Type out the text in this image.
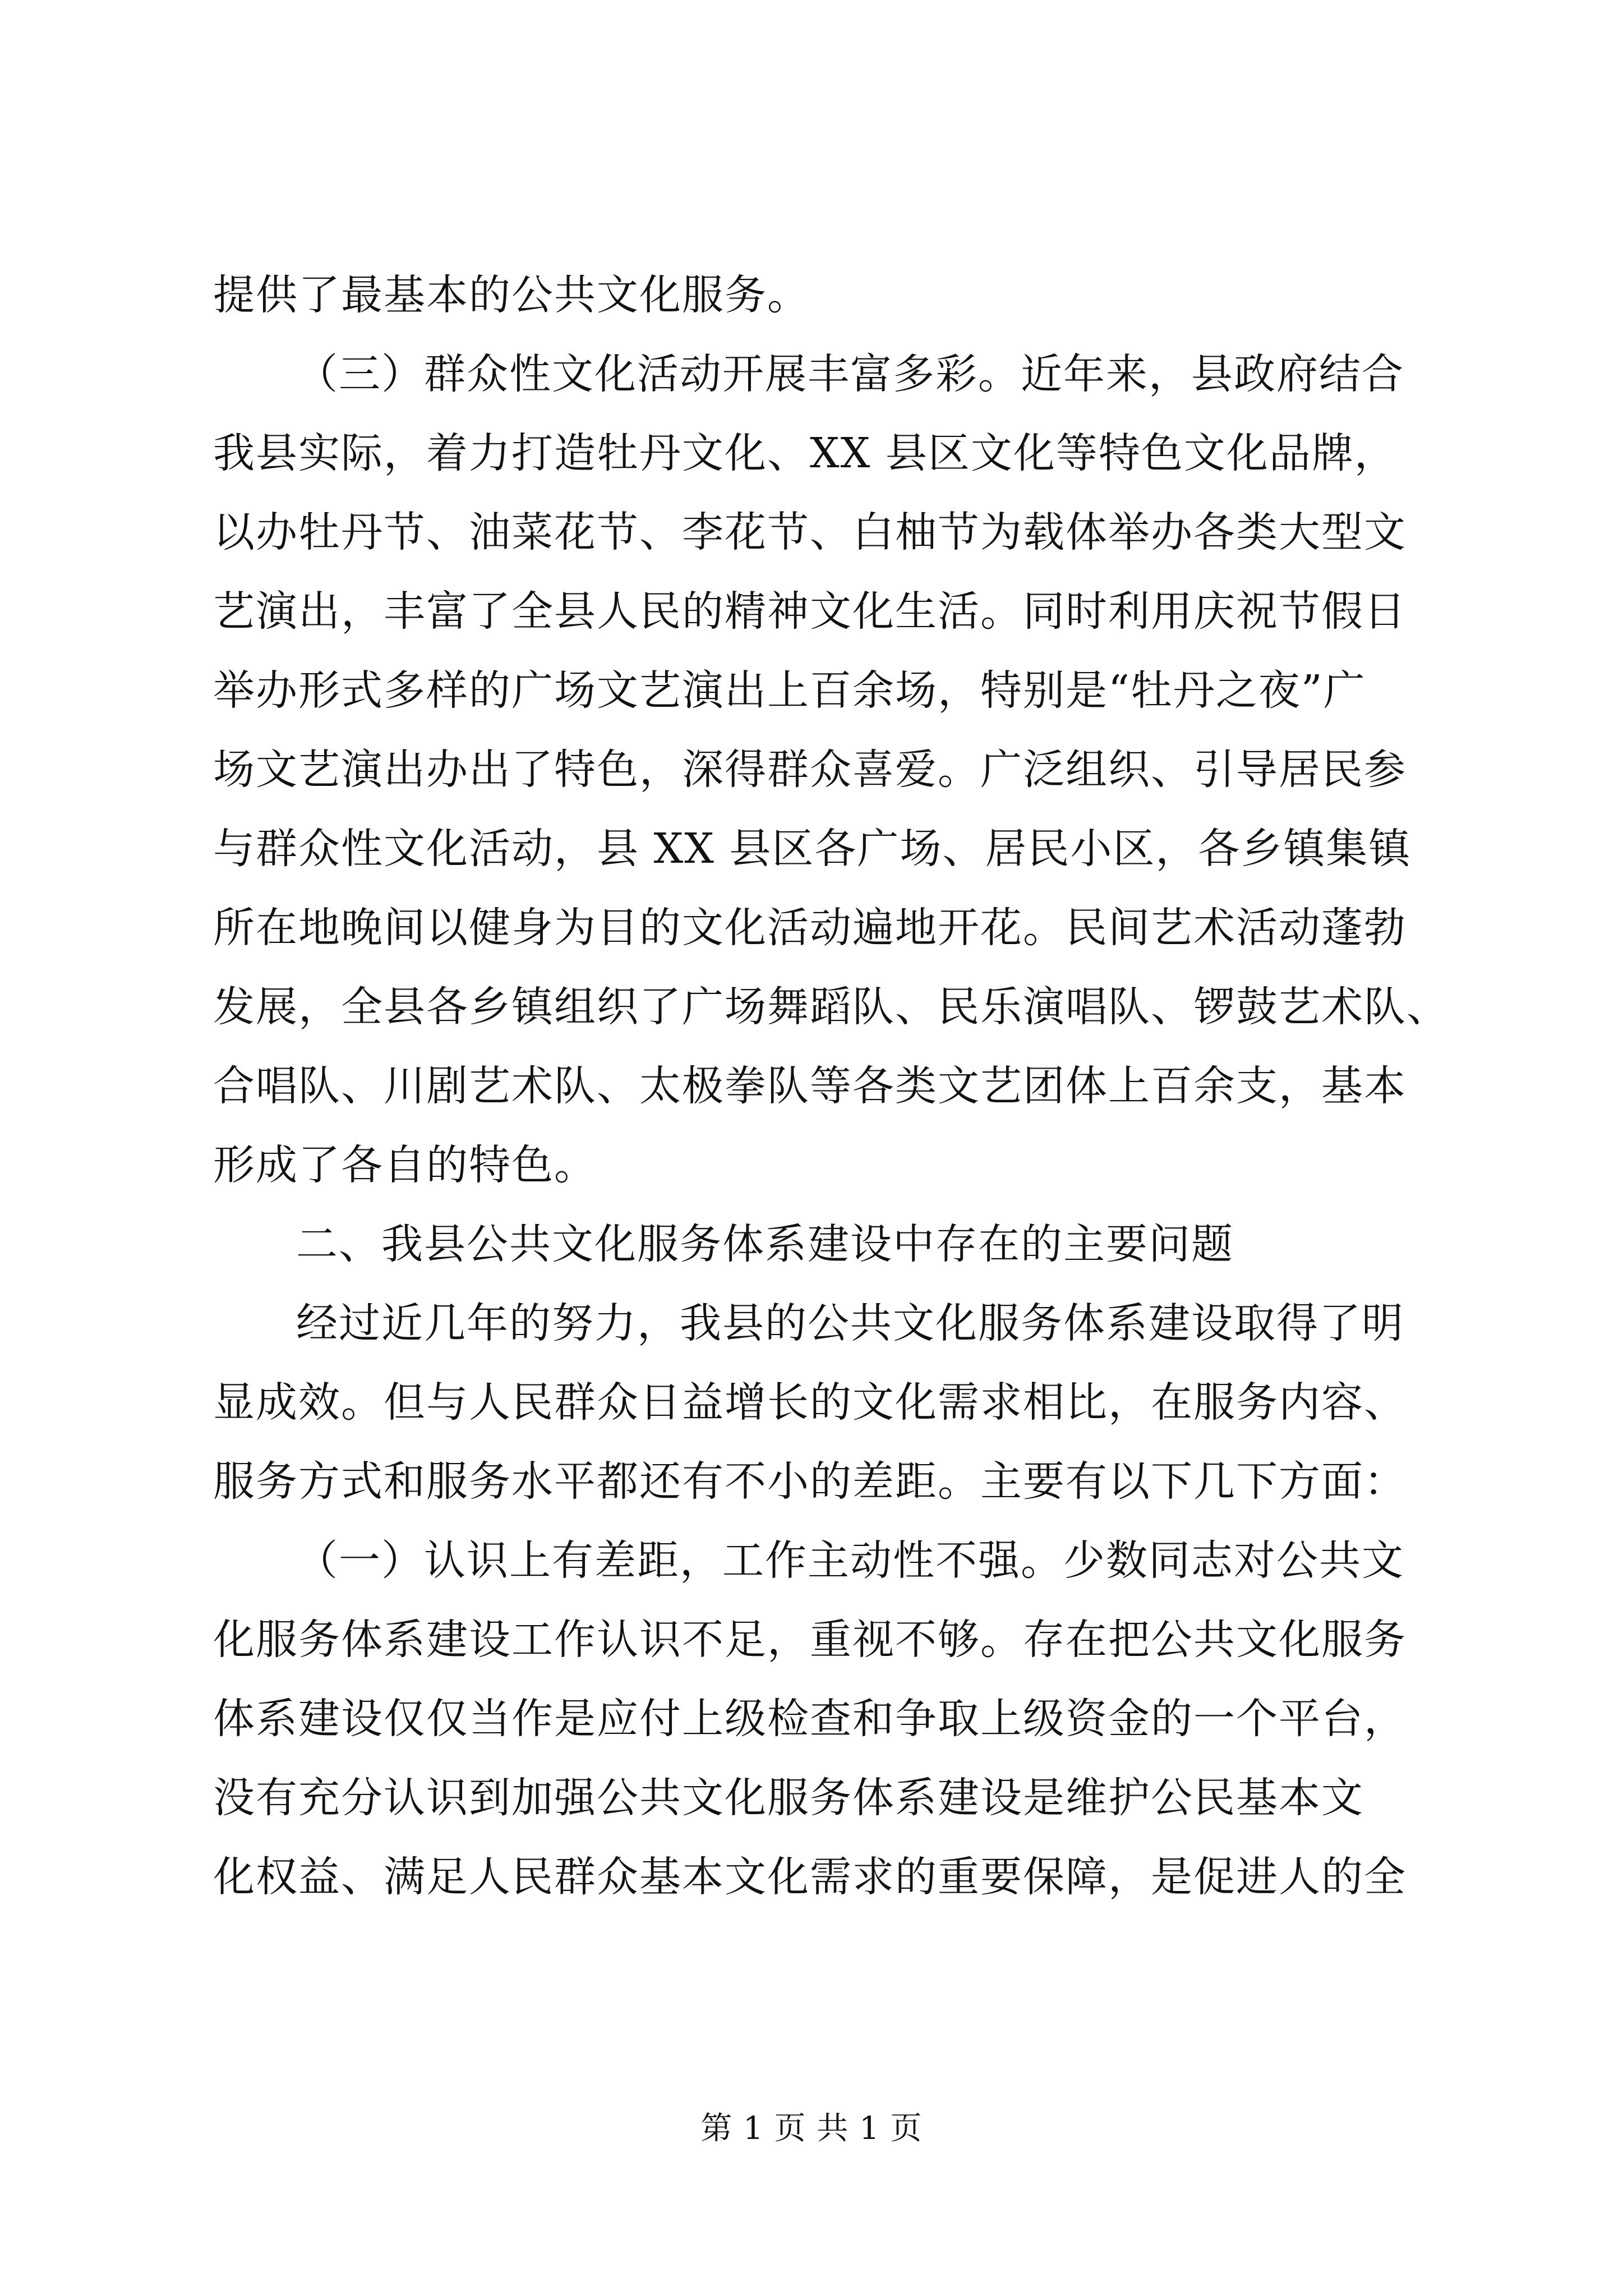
提供了最基本的公共文化服务。
（三）群众性文化活动开展丰富多彩。近年来，县政府结合
我县实际，着力打造牡丹文化、XX 县区文化等特色文化品牌，
以办牡丹节、油菜花节、李花节、白柚节为载体举办各类大型文
艺演出，丰富了全县人民的精神文化生活。同时利用庆祝节假日
举办形式多样的广场文艺演出上百余场，特别是“牡丹之夜”广
场文艺演出办出了特色，深得群众喜爱。广泛组织、引导居民参
与群众性文化活动，县 XX 县区各广场、居民小区，各乡镇集镇
所在地晚间以健身为目的文化活动遍地开花。民间艺术活动蓬勃
发展，全县各乡镇组织了广场舞蹈队、民乐演唱队、锣鼓艺术队、
合唱队、川剧艺术队、太极拳队等各类文艺团体上百余支，基本
形成了各自的特色。
二、我县公共文化服务体系建设中存在的主要问题
经过近几年的努力，我县的公共文化服务体系建设取得了明
显成效。但与人民群众日益增长的文化需求相比，在服务内容、
服务方式和服务水平都还有不小的差距。主要有以下几下方面：
（一）认识上有差距，工作主动性不强。少数同志对公共文
化服务体系建设工作认识不足，重视不够。存在把公共文化服务
体系建设仅仅当作是应付上级检查和争取上级资金的一个平台，
没有充分认识到加强公共文化服务体系建设是维护公民基本文
化权益、满足人民群众基本文化需求的重要保障，是促进人的全
第 1 页 共 1 页
